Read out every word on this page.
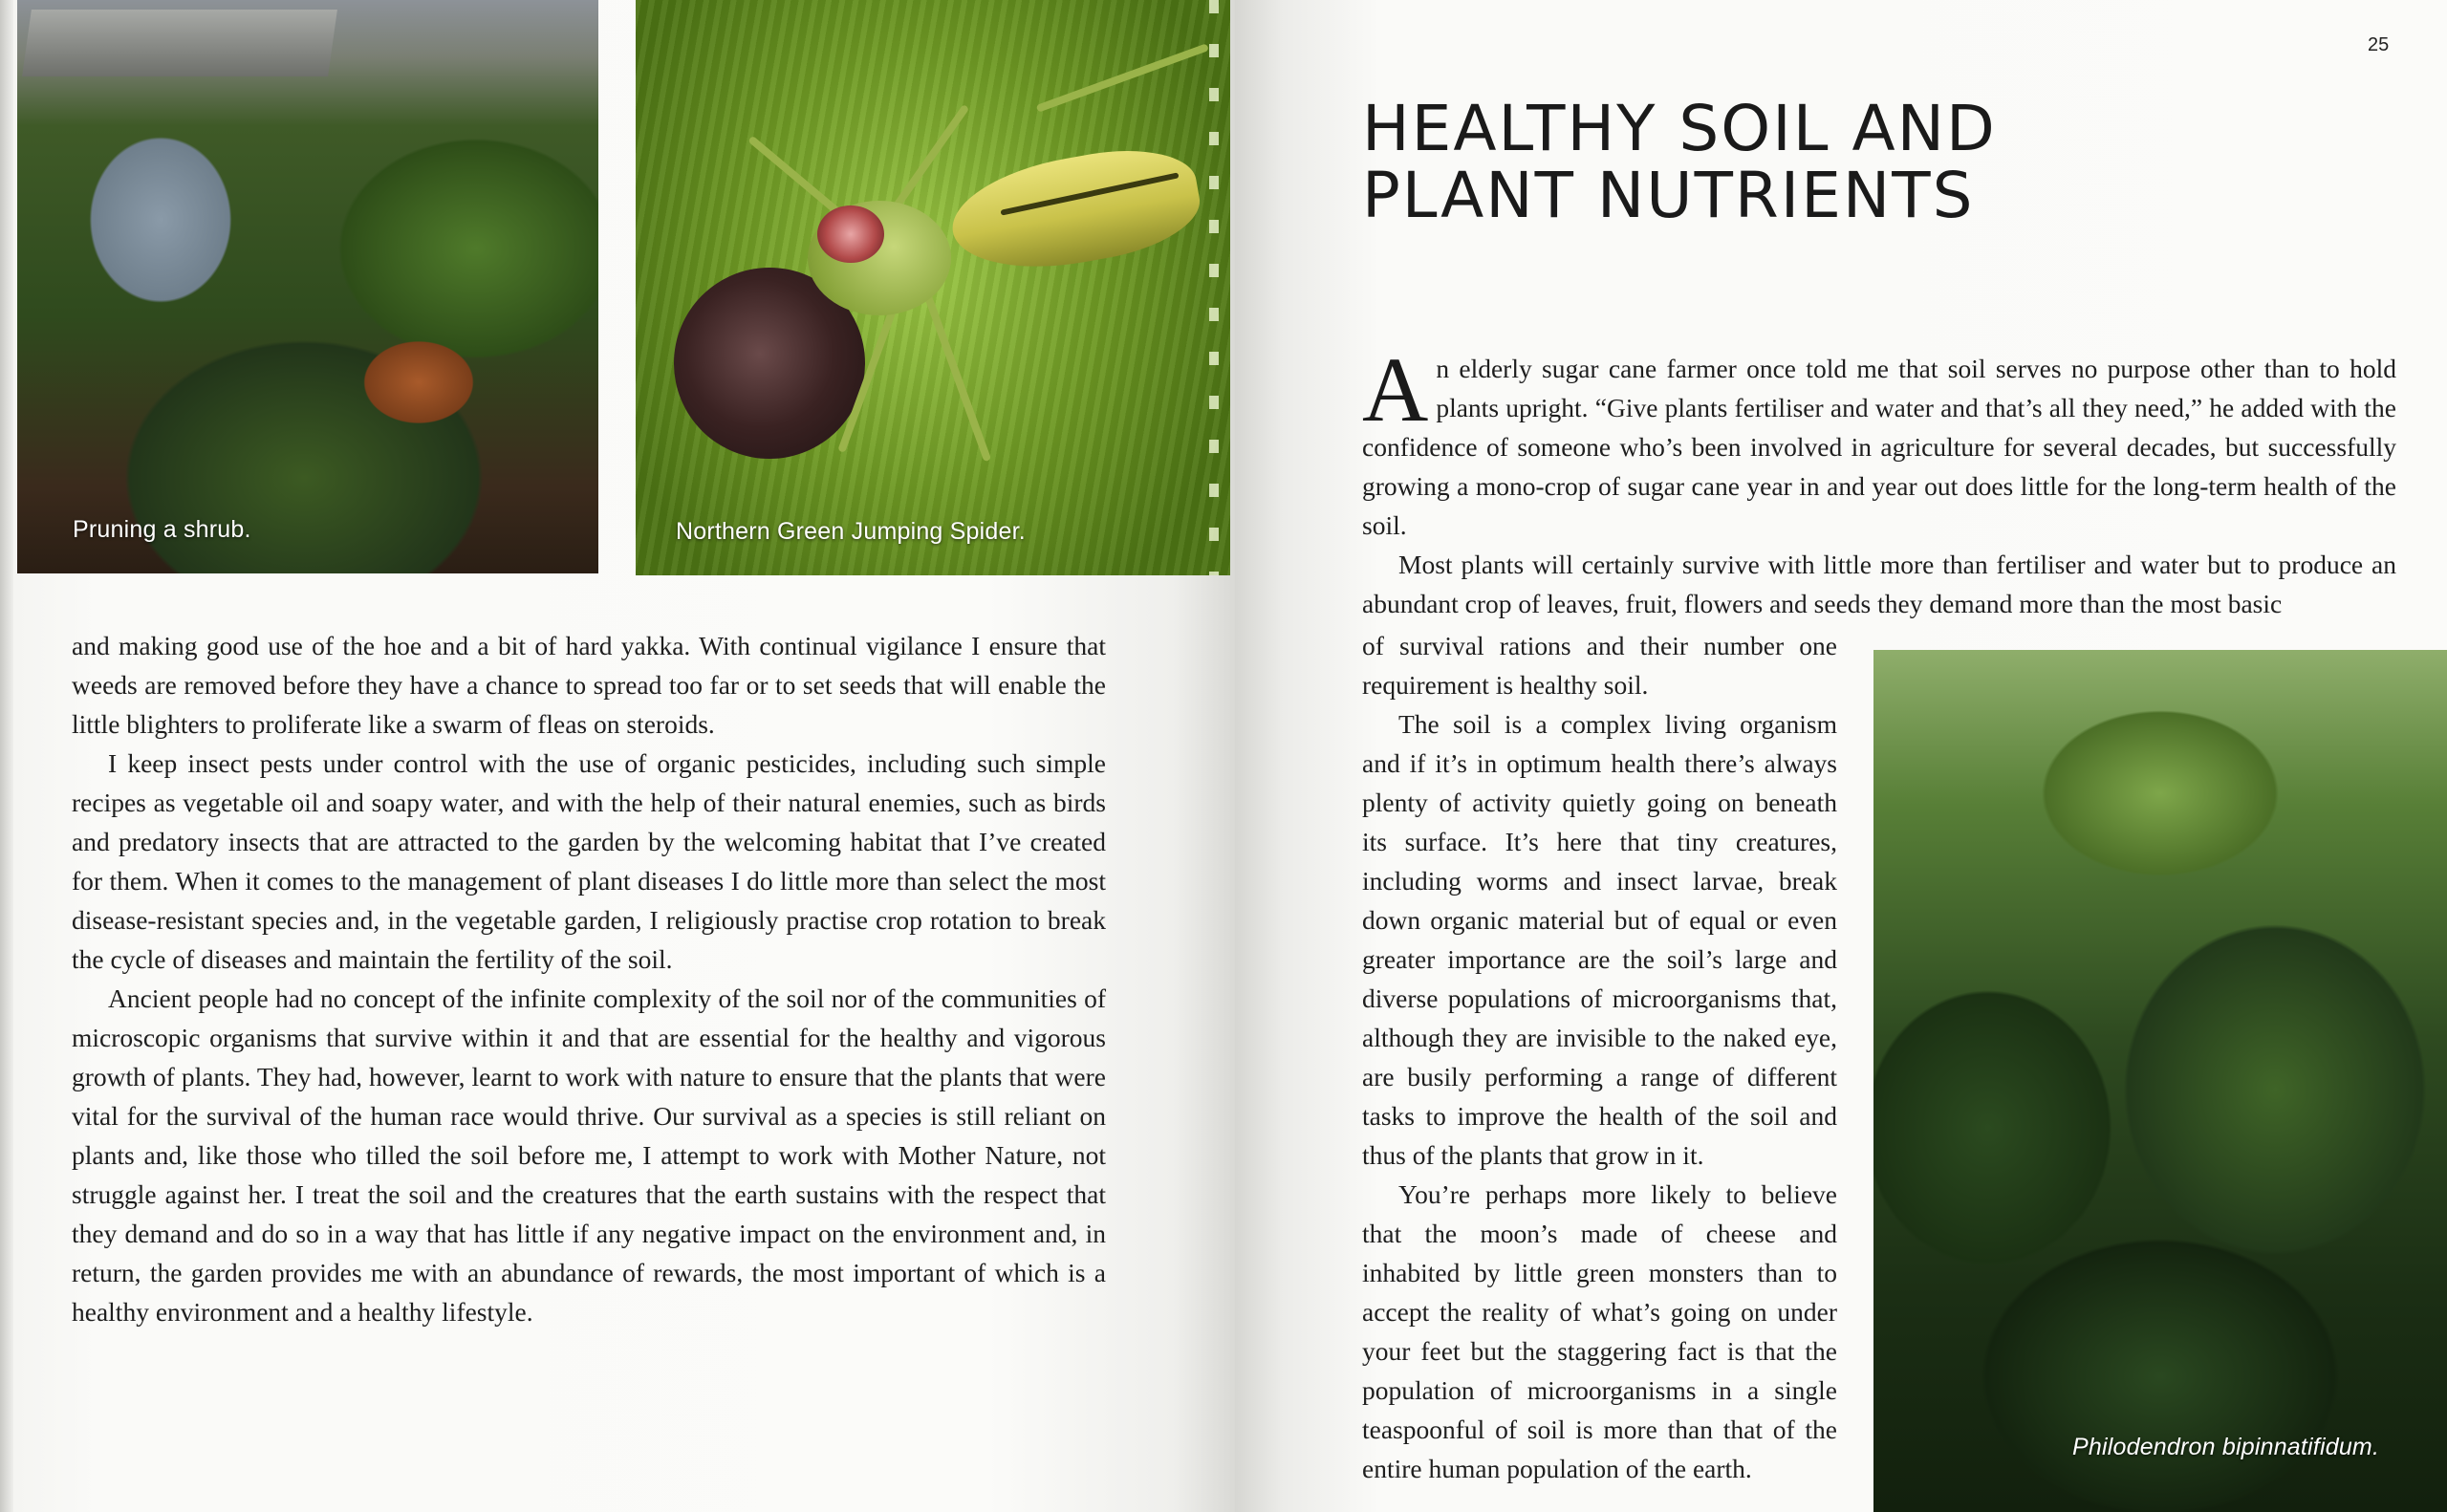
Pruning a shrub.	Northern Green Jumping Spider.

and making good use of the hoe and a bit of hard yakka. With continual vigilance I ensure that weeds are removed before they have a chance to spread too far or to set seeds that will enable the little blighters to proliferate like a swarm of fleas on steroids.

I keep insect pests under control with the use of organic pesticides, including such simple recipes as vegetable oil and soapy water, and with the help of their natural enemies, such as birds and predatory insects that are attracted to the garden by the welcoming habitat that I’ve created for them. When it comes to the management of plant diseases I do little more than select the most disease-resistant species and, in the vegetable garden, I religiously practise crop rotation to break the cycle of diseases and maintain the fertility of the soil.

Ancient people had no concept of the infinite complexity of the soil nor of the communities of microscopic organisms that survive within it and that are essential for the healthy and vigorous growth of plants. They had, however, learnt to work with nature to ensure that the plants that were vital for the survival of the human race would thrive. Our survival as a species is still reliant on plants and, like those who tilled the soil before me, I attempt to work with Mother Nature, not struggle against her. I treat the soil and the creatures that the earth sustains with the respect that they demand and do so in a way that has little if any negative impact on the environment and, in return, the garden provides me with an abundance of rewards, the most important of which is a healthy environment and a healthy lifestyle.

25
HEALTHY SOIL AND
PLANT NUTRIENTS

An elderly sugar cane farmer once told me that soil serves no purpose other than to hold plants upright. “Give plants fertiliser and water and that’s all they need,” he added with the confidence of someone who’s been involved in agriculture for several decades, but successfully growing a mono-crop of sugar cane year in and year out does little for the long-term health of the soil.

Most plants will certainly survive with little more than fertiliser and water but to produce an abundant crop of leaves, fruit, flowers and seeds they demand more than the most basic

of survival rations and their number one requirement is healthy soil.

The soil is a complex living organism and if it’s in optimum health there’s always plenty of activity quietly going on beneath its surface. It’s here that tiny creatures, including worms and insect larvae, break down organic material but of equal or even greater importance are the soil’s large and diverse populations of microorganisms that, although they are invisible to the naked eye, are busily performing a range of different tasks to improve the health of the soil and thus of the plants that grow in it.

You’re perhaps more likely to believe that the moon’s made of cheese and inhabited by little green monsters than to accept the reality of what’s going on under your feet but the staggering fact is that the population of microorganisms in a single teaspoonful of soil is more than that of the entire human population of the earth.

Philodendron bipinnatifidum.
